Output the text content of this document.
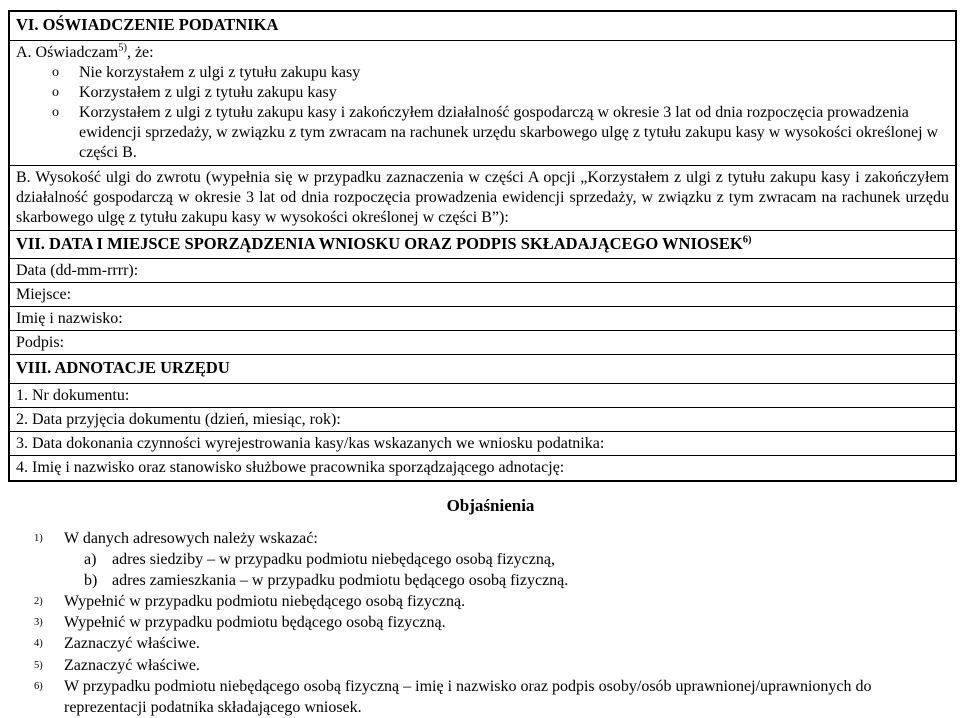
VI. OŚWIADCZENIE PODATNIKA
A. Oświadczam$^{5)}$, że:
o	Nie korzystałem z ulgi z tytułu zakupu kasy
o	Korzystałem z ulgi z tytułu zakupu kasy
o	Korzystałem z ulgi z tytułu zakupu kasy i zakończyłem działalność gospodarczą w okresie 3 lat od dnia rozpoczęcia prowadzenia ewidencji sprzedaży, w związku z tym zwracam na rachunek urzędu skarbowego ulgę z tytułu zakupu kasy w wysokości określonej w części B.
B. Wysokość ulgi do zwrotu (wypełnia się w przypadku zaznaczenia w części A opcji „Korzystałem z ulgi z tytułu zakupu kasy i zakończyłem działalność gospodarczą w okresie 3 lat od dnia rozpoczęcia prowadzenia ewidencji sprzedaży, w związku z tym zwracam na rachunek urzędu skarbowego ulgę z tytułu zakupu kasy w wysokości określonej w części B”):
VII. DATA I MIEJSCE SPORZĄDZENIA WNIOSKU ORAZ PODPIS SKŁADAJĄCEGO WNIOSEK$^{6)}$
Data (dd-mm-rrrr):
Miejsce:
Imię i nazwisko:
Podpis:
VIII. ADNOTACJE URZĘDU
1. Nr dokumentu:
2. Data przyjęcia dokumentu (dzień, miesiąc, rok):
3. Data dokonania czynności wyrejestrowania kasy/kas wskazanych we wniosku podatnika:
4. Imię i nazwisko oraz stanowisko służbowe pracownika sporządzającego adnotację:
Objaśnienia
1)	W danych adresowych należy wskazać:
a) adres siedziby – w przypadku podmiotu niebędącego osobą fizyczną,
b) adres zamieszkania – w przypadku podmiotu będącego osobą fizyczną.
2)	Wypełnić w przypadku podmiotu niebędącego osobą fizyczną.
3)	Wypełnić w przypadku podmiotu będącego osobą fizyczną.
4)	Zaznaczyć właściwe.
5)	Zaznaczyć właściwe.
6)	W przypadku podmiotu niebędącego osobą fizyczną – imię i nazwisko oraz podpis osoby/osób uprawnionej/uprawnionych do reprezentacji podatnika składającego wniosek.
